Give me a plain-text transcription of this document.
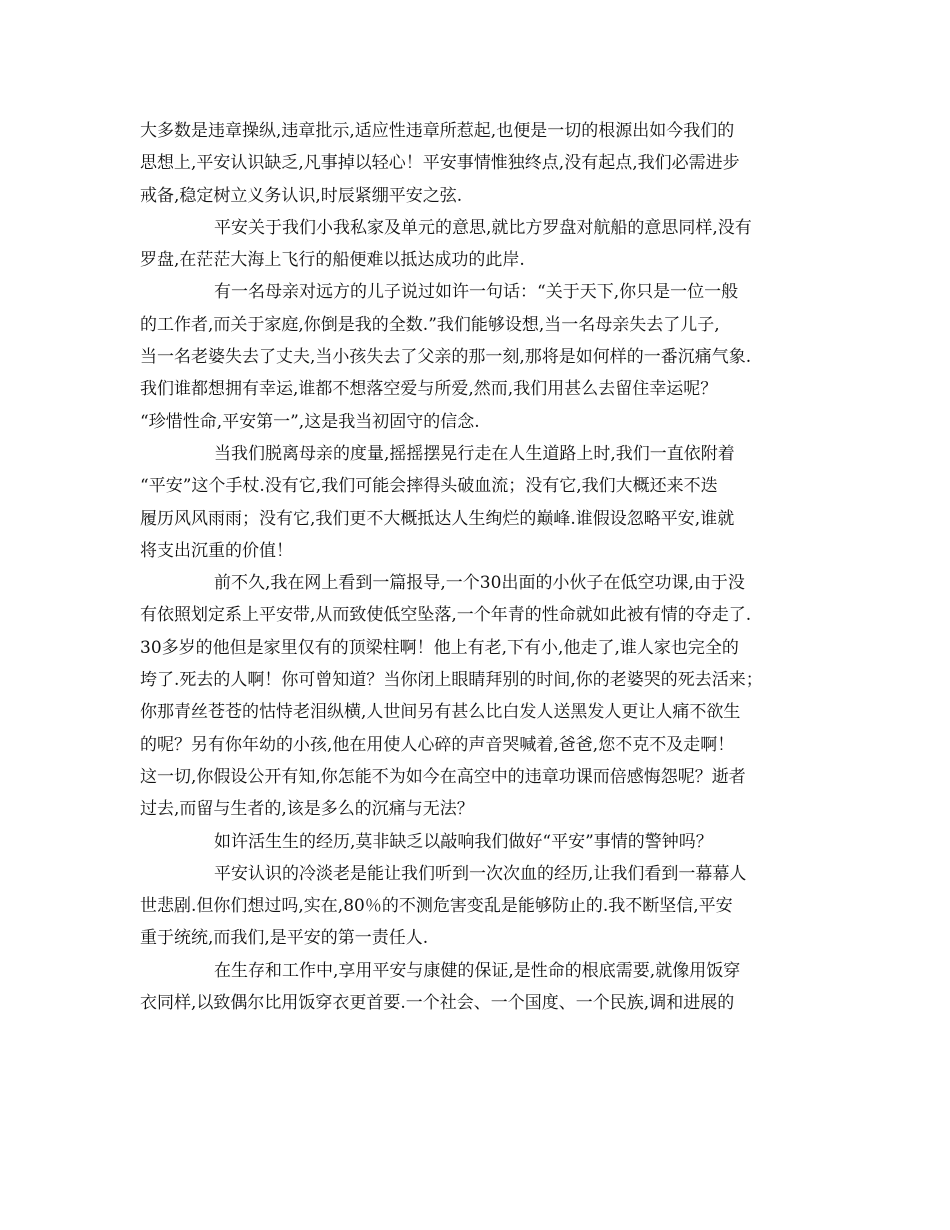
大多数是违章操纵,违章批示,适应性违章所惹起,也便是一切的根源出如今我们的
思想上,平安认识缺乏,凡事掉以轻心！平安事情惟独终点,没有起点,我们必需进步
戒备,稳定树立义务认识,时辰紧绷平安之弦.
平安关于我们小我私家及单元的意思,就比方罗盘对航船的意思同样,没有
罗盘,在茫茫大海上飞行的船便难以抵达成功的此岸.
有一名母亲对远方的儿子说过如许一句话：“关于天下,你只是一位一般
的工作者,而关于家庭,你倒是我的全数.”我们能够设想,当一名母亲失去了儿子,
当一名老婆失去了丈夫,当小孩失去了父亲的那一刻,那将是如何样的一番沉痛气象.
我们谁都想拥有幸运,谁都不想落空爱与所爱,然而,我们用甚么去留住幸运呢？
“珍惜性命,平安第一”,这是我当初固守的信念.
当我们脱离母亲的度量,摇摇摆晃行走在人生道路上时,我们一直依附着
“平安”这个手杖.没有它,我们可能会摔得头破血流；没有它,我们大概还来不迭
履历风风雨雨；没有它,我们更不大概抵达人生绚烂的巅峰.谁假设忽略平安,谁就
将支出沉重的价值！
前不久,我在网上看到一篇报导,一个30出面的小伙子在低空功课,由于没
有依照划定系上平安带,从而致使低空坠落,一个年青的性命就如此被有情的夺走了.
30多岁的他但是家里仅有的顶梁柱啊！他上有老,下有小,他走了,谁人家也完全的
垮了.死去的人啊！你可曾知道？当你闭上眼睛拜别的时间,你的老婆哭的死去活来；
你那青丝苍苍的怙恃老泪纵横,人世间另有甚么比白发人送黑发人更让人痛不欲生
的呢？另有你年幼的小孩,他在用使人心碎的声音哭喊着,爸爸,您不克不及走啊！
这一切,你假设公开有知,你怎能不为如今在高空中的违章功课而倍感悔怨呢？逝者
过去,而留与生者的,该是多么的沉痛与无法？
如许活生生的经历,莫非缺乏以敲响我们做好“平安”事情的警钟吗？
平安认识的冷淡老是能让我们听到一次次血的经历,让我们看到一幕幕人
世悲剧.但你们想过吗,实在,80％的不测危害变乱是能够防止的.我不断坚信,平安
重于统统,而我们,是平安的第一责任人.
在生存和工作中,享用平安与康健的保证,是性命的根底需要,就像用饭穿
衣同样,以致偶尔比用饭穿衣更首要.一个社会、一个国度、一个民族,调和进展的
